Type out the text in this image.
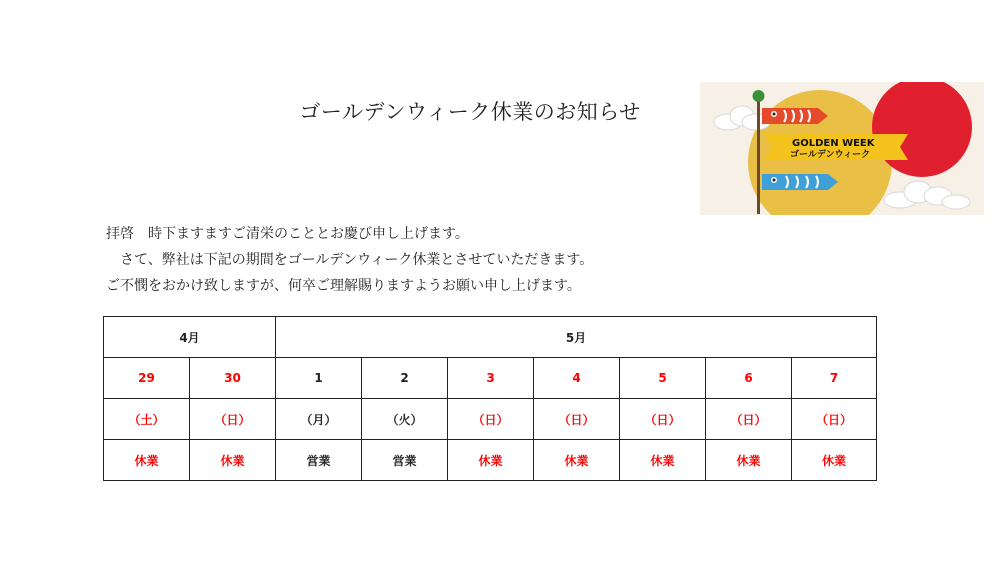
ゴールデンウィーク休業のお知らせ
GOLDEN WEEK
ゴールデンウィーク

拝啓　時下ますますご清栄のこととお慶び申し上げます。

　さて、弊社は下記の期間をゴールデンウィーク休業とさせていただきます。

ご不憫をおかけ致しますが、何卒ご理解賜りますようお願い申し上げます。

4月		5月						
29	30	1	2	3	4	5	6	7
（土）	（日）	（月）	（火）	（日）	（日）	（日）	（日）	（日）
休業	休業	営業	営業	休業	休業	休業	休業	休業
